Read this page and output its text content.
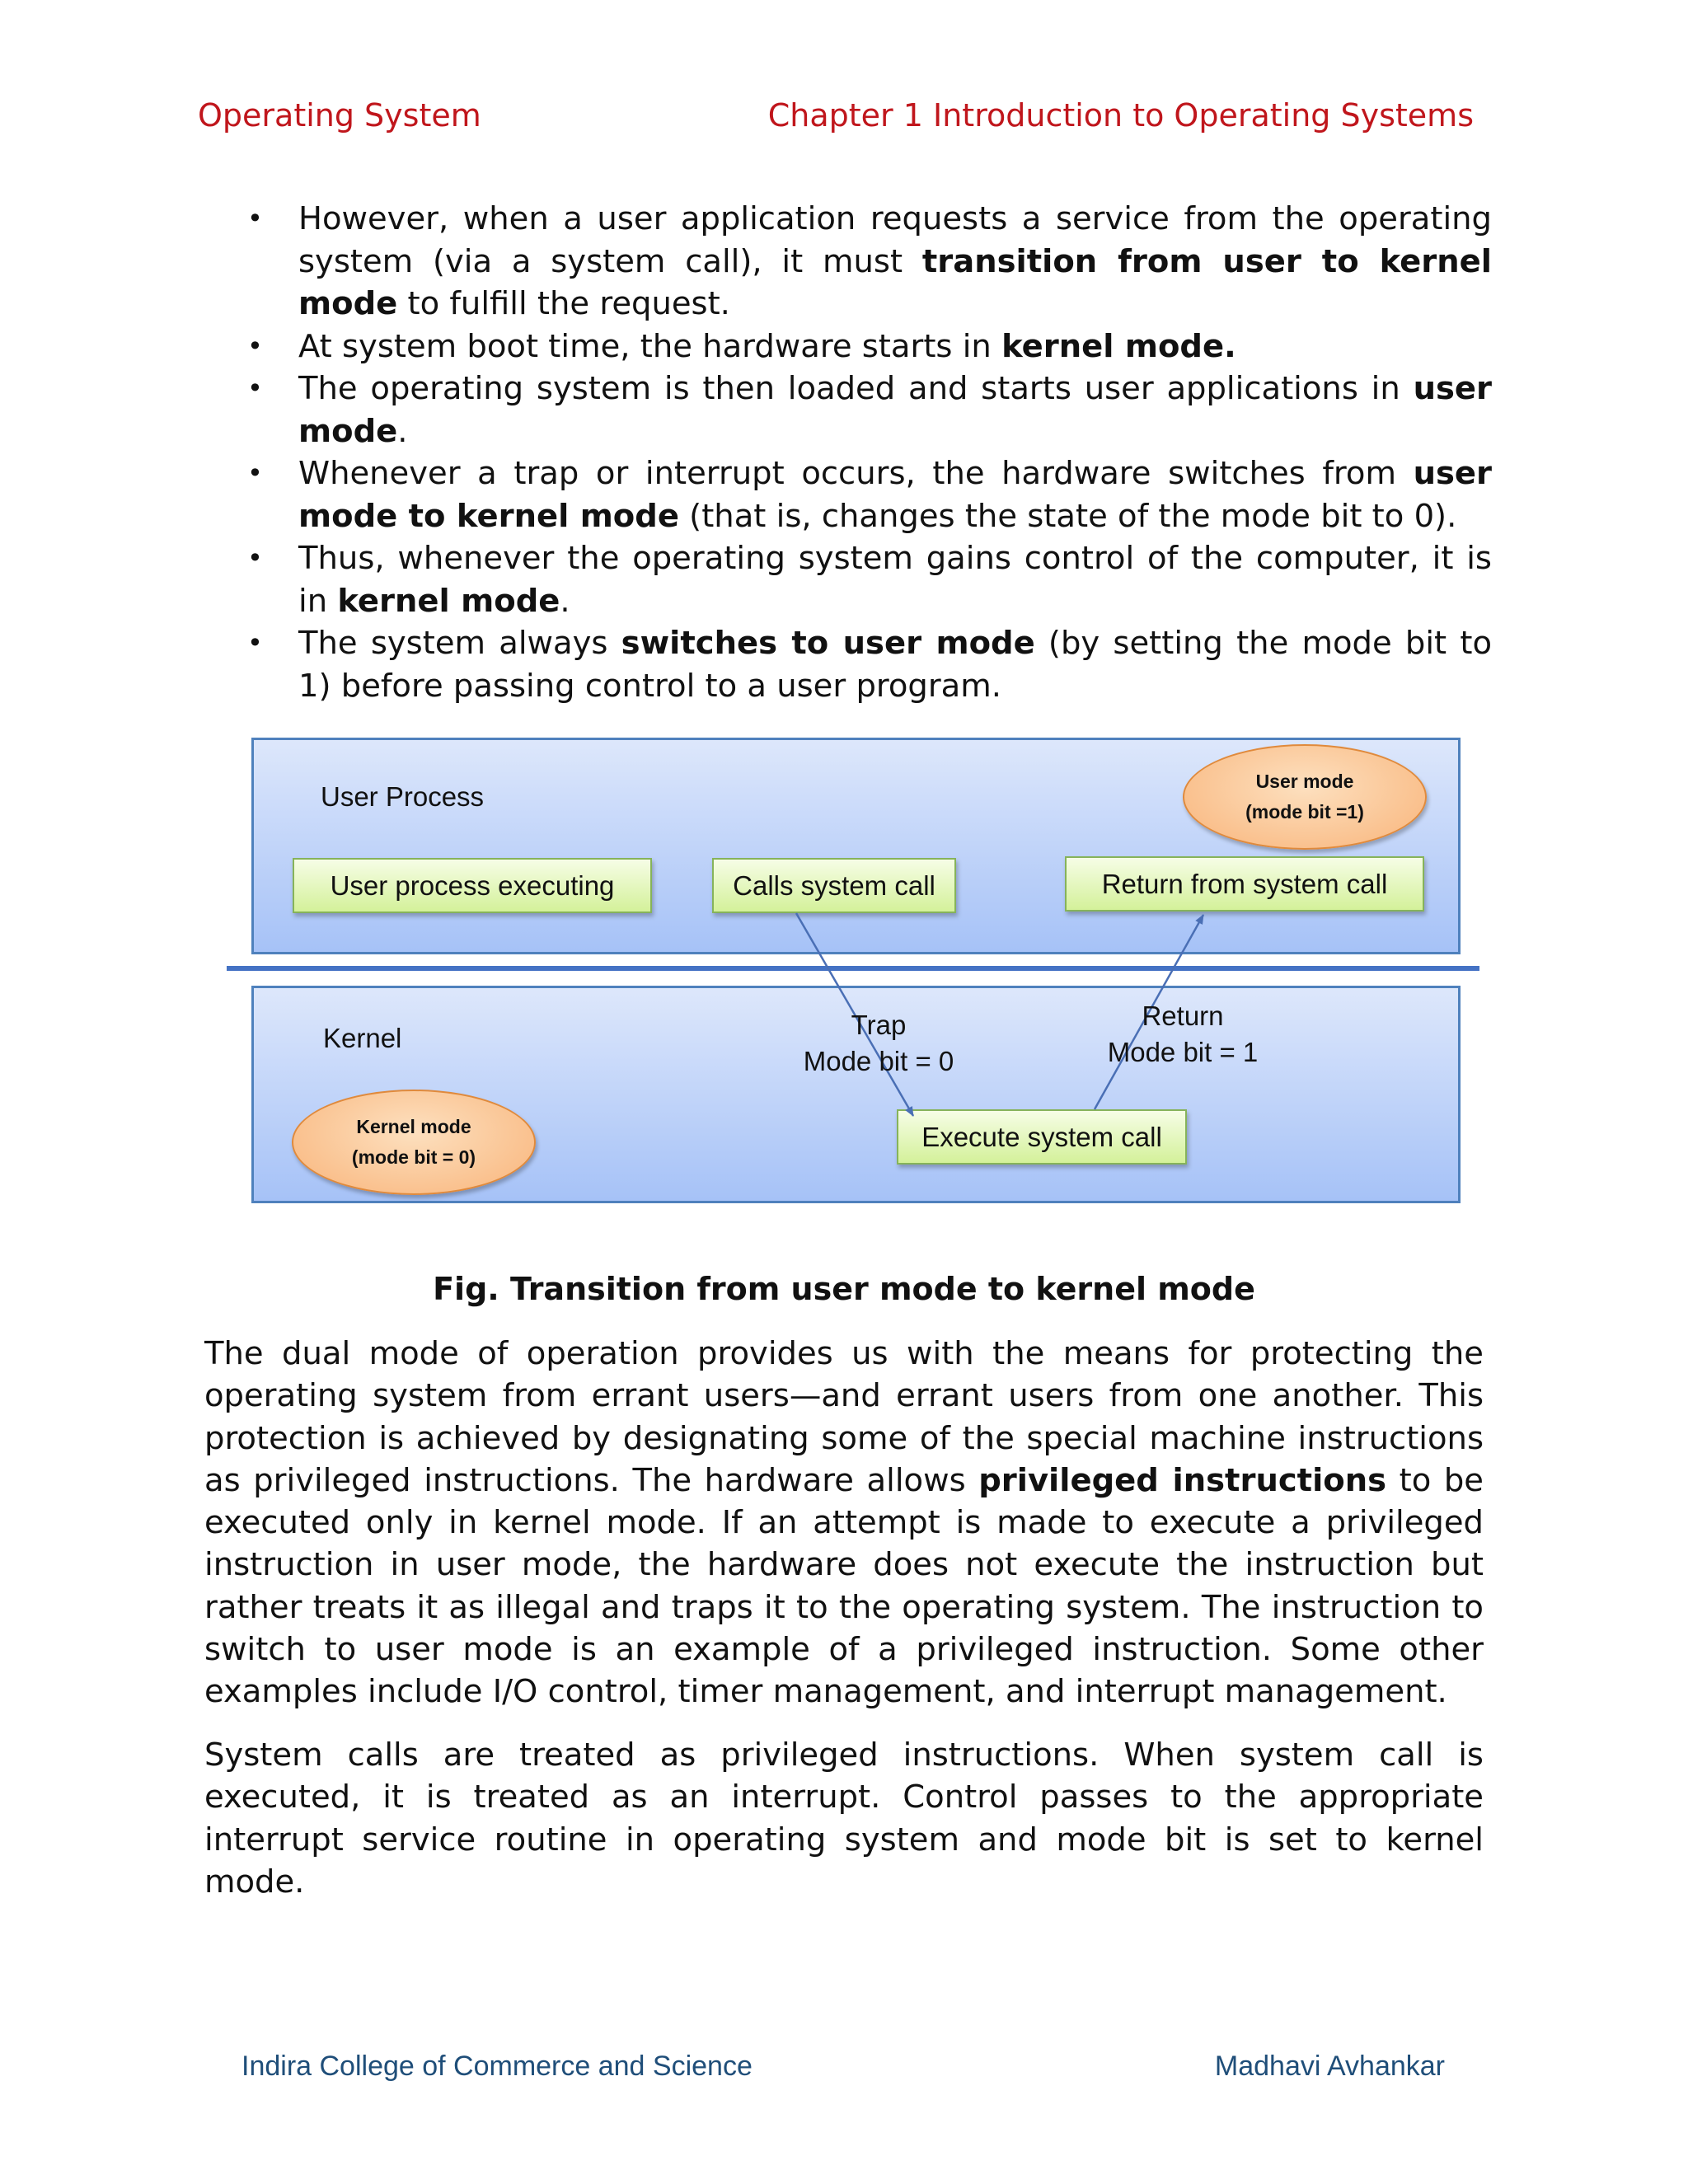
Operating System	Chapter 1 Introduction to Operating Systems
• However, when a user application requests a service from the operating system (via a system call), it must transition from user to kernel mode to fulfill the request.
• At system boot time, the hardware starts in kernel mode.
• The operating system is then loaded and starts user applications in user mode.
• Whenever a trap or interrupt occurs, the hardware switches from user mode to kernel mode (that is, changes the state of the mode bit to 0).
• Thus, whenever the operating system gains control of the computer, it is in kernel mode.
• The system always switches to user mode (by setting the mode bit to 1) before passing control to a user program.
User Process
Kernel
User mode
(mode bit =1)
Kernel mode
(mode bit = 0)
User process executing	Calls system call	Return from system call
Execute system call
Trap
Mode bit = 0
Return
Mode bit = 1
Fig. Transition from user mode to kernel mode

The dual mode of operation provides us with the means for protecting the operating system from errant users—and errant users from one another. This protection is achieved by designating some of the special machine instructions as privileged instructions. The hardware allows privileged instructions to be executed only in kernel mode. If an attempt is made to execute a privileged instruction in user mode, the hardware does not execute the instruction but rather treats it as illegal and traps it to the operating system. The instruction to switch to user mode is an example of a privileged instruction. Some other examples include I/O control, timer management, and interrupt management.

System calls are treated as privileged instructions. When system call is executed, it is treated as an interrupt. Control passes to the appropriate interrupt service routine in operating system and mode bit is set to kernel mode.

Indira College of Commerce and Science	Madhavi Avhankar
